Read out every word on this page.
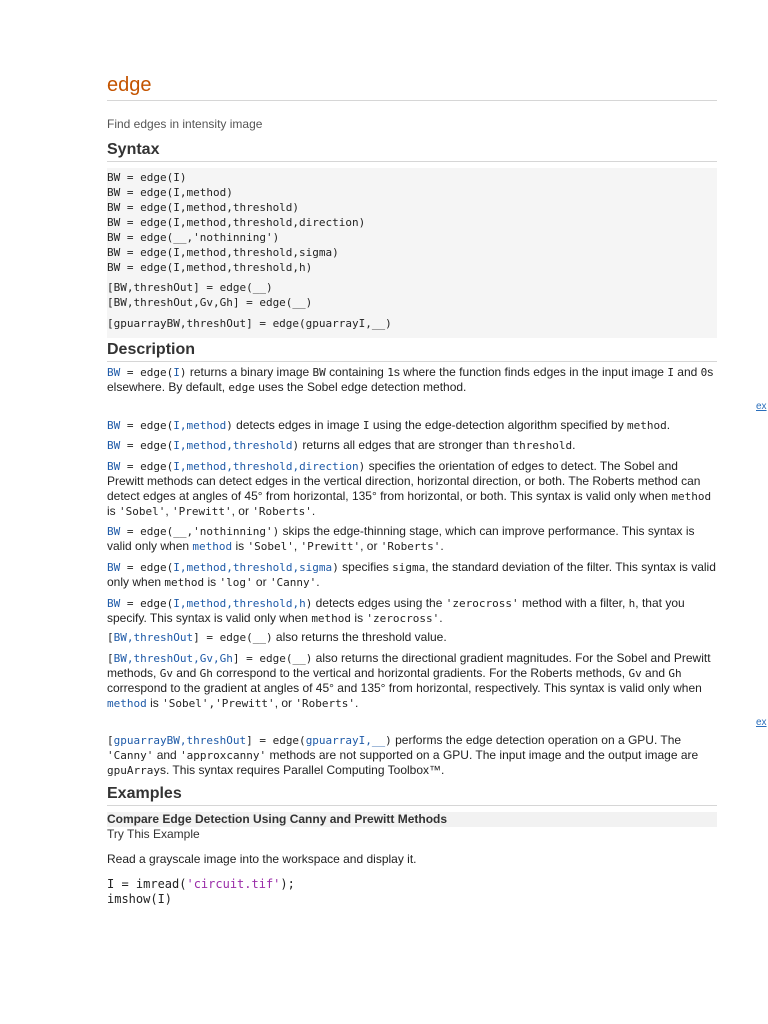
edge
Find edges in intensity image
Syntax
BW = edge(I)
BW = edge(I,method)
BW = edge(I,method,threshold)
BW = edge(I,method,threshold,direction)
BW = edge(__,'nothinning')
BW = edge(I,method,threshold,sigma)
BW = edge(I,method,threshold,h)
[BW,threshOut] = edge(__)
[BW,threshOut,Gv,Gh] = edge(__)
[gpuarrayBW,threshOut] = edge(gpuarrayI,__)
Description
BW = edge(I) returns a binary image BW containing 1s where the function finds edges in the input image I and 0s elsewhere. By default, edge uses the Sobel edge detection method.
BW = edge(I,method) detects edges in image I using the edge-detection algorithm specified by method.
BW = edge(I,method,threshold) returns all edges that are stronger than threshold.
BW = edge(I,method,threshold,direction) specifies the orientation of edges to detect. The Sobel and Prewitt methods can detect edges in the vertical direction, horizontal direction, or both. The Roberts method can detect edges at angles of 45° from horizontal, 135° from horizontal, or both. This syntax is valid only when method is 'Sobel', 'Prewitt', or 'Roberts'.
BW = edge(__,'nothinning') skips the edge-thinning stage, which can improve performance. This syntax is valid only when method is 'Sobel', 'Prewitt', or 'Roberts'.
BW = edge(I,method,threshold,sigma) specifies sigma, the standard deviation of the filter. This syntax is valid only when method is 'log' or 'Canny'.
BW = edge(I,method,threshold,h) detects edges using the 'zerocross' method with a filter, h, that you specify. This syntax is valid only when method is 'zerocross'.
[BW,threshOut] = edge(__) also returns the threshold value.
[BW,threshOut,Gv,Gh] = edge(__) also returns the directional gradient magnitudes. For the Sobel and Prewitt methods, Gv and Gh correspond to the vertical and horizontal gradients. For the Roberts methods, Gv and Gh correspond to the gradient at angles of 45° and 135° from horizontal, respectively. This syntax is valid only when method is 'Sobel','Prewitt', or 'Roberts'.
[gpuarrayBW,threshOut] = edge(gpuarrayI,__) performs the edge detection operation on a GPU. The 'Canny' and 'approxcanny' methods are not supported on a GPU. The input image and the output image are gpuArrays. This syntax requires Parallel Computing Toolbox™.
Examples
Compare Edge Detection Using Canny and Prewitt Methods
Try This Example
Read a grayscale image into the workspace and display it.
I = imread('circuit.tif');
imshow(I)
ex
ex
